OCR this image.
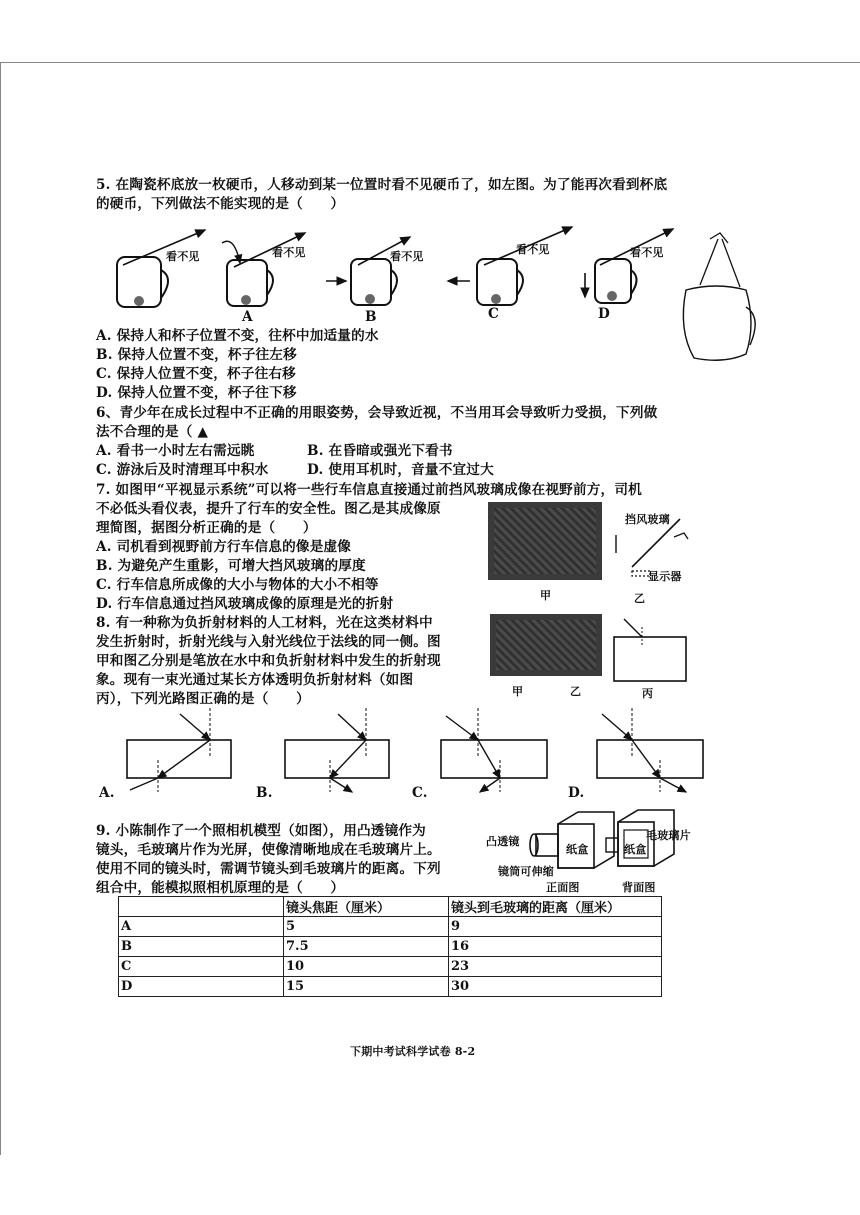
5. 在陶瓷杯底放一枚硬币，人移动到某一位置时看不见硬币了，如左图。为了能再次看到杯底
的硬币，下列做法不能实现的是（　　）
看不见	看不见	看不见
看不见	看不见
A	B	C	D
A. 保持人和杯子位置不变，往杯中加适量的水
B. 保持人位置不变，杯子往左移
C. 保持人位置不变，杯子往右移
D. 保持人位置不变，杯子往下移
6、青少年在成长过程中不正确的用眼姿势，会导致近视，不当用耳会导致听力受损，下列做
法不合理的是（ ▲
A. 看书一小时左右需远眺	B. 在昏暗或强光下看书
C. 游泳后及时清理耳中积水	D. 使用耳机时，音量不宜过大
7. 如图甲“平视显示系统”可以将一些行车信息直接通过前挡风玻璃成像在视野前方，司机
不必低头看仪表，提升了行车的安全性。图乙是其成像原
理简图，据图分析正确的是（　　）
A. 司机看到视野前方行车信息的像是虚像
B. 为避免产生重影，可增大挡风玻璃的厚度
C. 行车信息所成像的大小与物体的大小不相等
D. 行车信息通过挡风玻璃成像的原理是光的折射
甲
挡风玻璃
显示器
乙
8. 有一种称为负折射材料的人工材料，光在这类材料中
发生折射时，折射光线与入射光线位于法线的同一侧。图
甲和图乙分别是笔放在水中和负折射材料中发生的折射现
象。现有一束光通过某长方体透明负折射材料（如图
丙），下列光路图正确的是（　　）	甲	乙	丙
A.	B.	C.	D.
9. 小陈制作了一个照相机模型（如图），用凸透镜作为
镜头，毛玻璃片作为光屏，使像清晰地成在毛玻璃片上。
使用不同的镜头时，需调节镜头到毛玻璃片的距离。下列
组合中，能模拟照相机原理的是（　　）
凸透镜	毛玻璃片
纸盒	纸盒
镜筒可伸缩
正面图	背面图
	镜头焦距（厘米）	镜头到毛玻璃的距离（厘米）
A	5	9
B	7.5	16
C	10	23
D	15	30
下期中考试科学试卷 8-2
